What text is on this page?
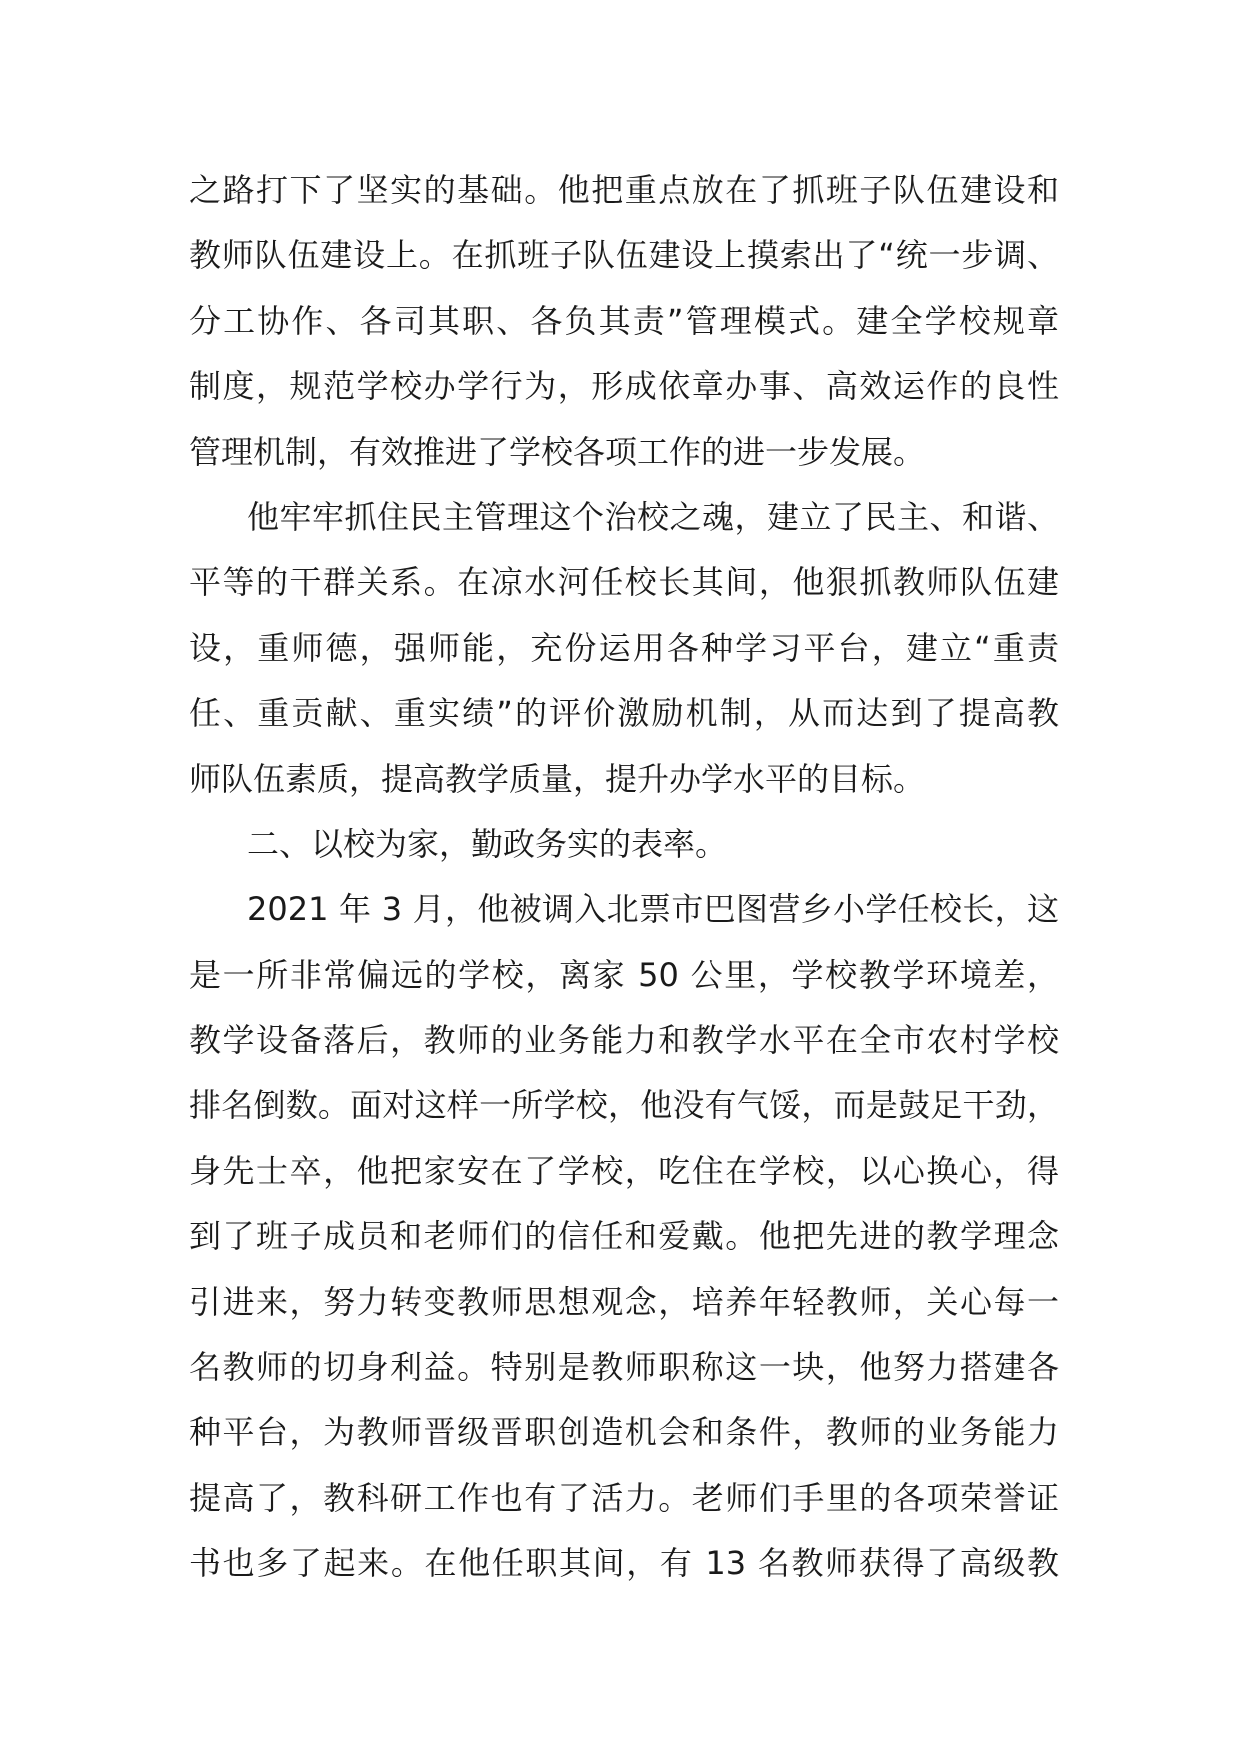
之路打下了坚实的基础。他把重点放在了抓班子队伍建设和
教师队伍建设上。在抓班子队伍建设上摸索出了“统一步调、
分工协作、各司其职、各负其责”管理模式。建全学校规章
制度，规范学校办学行为，形成依章办事、高效运作的良性
管理机制，有效推进了学校各项工作的进一步发展。
他牢牢抓住民主管理这个治校之魂，建立了民主、和谐、
平等的干群关系。在凉水河任校长其间，他狠抓教师队伍建
设，重师德，强师能，充份运用各种学习平台，建立“重责
任、重贡献、重实绩”的评价激励机制，从而达到了提高教
师队伍素质，提高教学质量，提升办学水平的目标。
二、以校为家，勤政务实的表率。
2021 年 3 月，他被调入北票市巴图营乡小学任校长，这
是一所非常偏远的学校，离家 50 公里，学校教学环境差，
教学设备落后，教师的业务能力和教学水平在全市农村学校
排名倒数。面对这样一所学校，他没有气馁，而是鼓足干劲，
身先士卒，他把家安在了学校，吃住在学校，以心换心，得
到了班子成员和老师们的信任和爱戴。他把先进的教学理念
引进来，努力转变教师思想观念，培养年轻教师，关心每一
名教师的切身利益。特别是教师职称这一块，他努力搭建各
种平台，为教师晋级晋职创造机会和条件，教师的业务能力
提高了，教科研工作也有了活力。老师们手里的各项荣誉证
书也多了起来。在他任职其间，有 13 名教师获得了高级教
